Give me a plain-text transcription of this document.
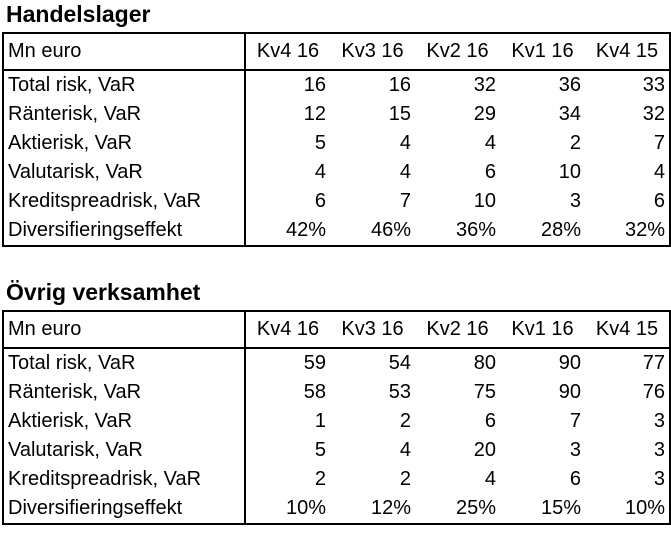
Handelslager
Mn euro	Kv4 16	Kv3 16	Kv2 16	Kv1 16	Kv4 15
Total risk, VaR	16	16	32	36	33
Ränterisk, VaR	12	15	29	34	32
Aktierisk, VaR	5	4	4	2	7
Valutarisk, VaR	4	4	6	10	4
Kreditspreadrisk, VaR	6	7	10	3	6
Diversifieringseffekt	42%	46%	36%	28%	32%
Övrig verksamhet
Mn euro	Kv4 16	Kv3 16	Kv2 16	Kv1 16	Kv4 15
Total risk, VaR	59	54	80	90	77
Ränterisk, VaR	58	53	75	90	76
Aktierisk, VaR	1	2	6	7	3
Valutarisk, VaR	5	4	20	3	3
Kreditspreadrisk, VaR	2	2	4	6	3
Diversifieringseffekt	10%	12%	25%	15%	10%
